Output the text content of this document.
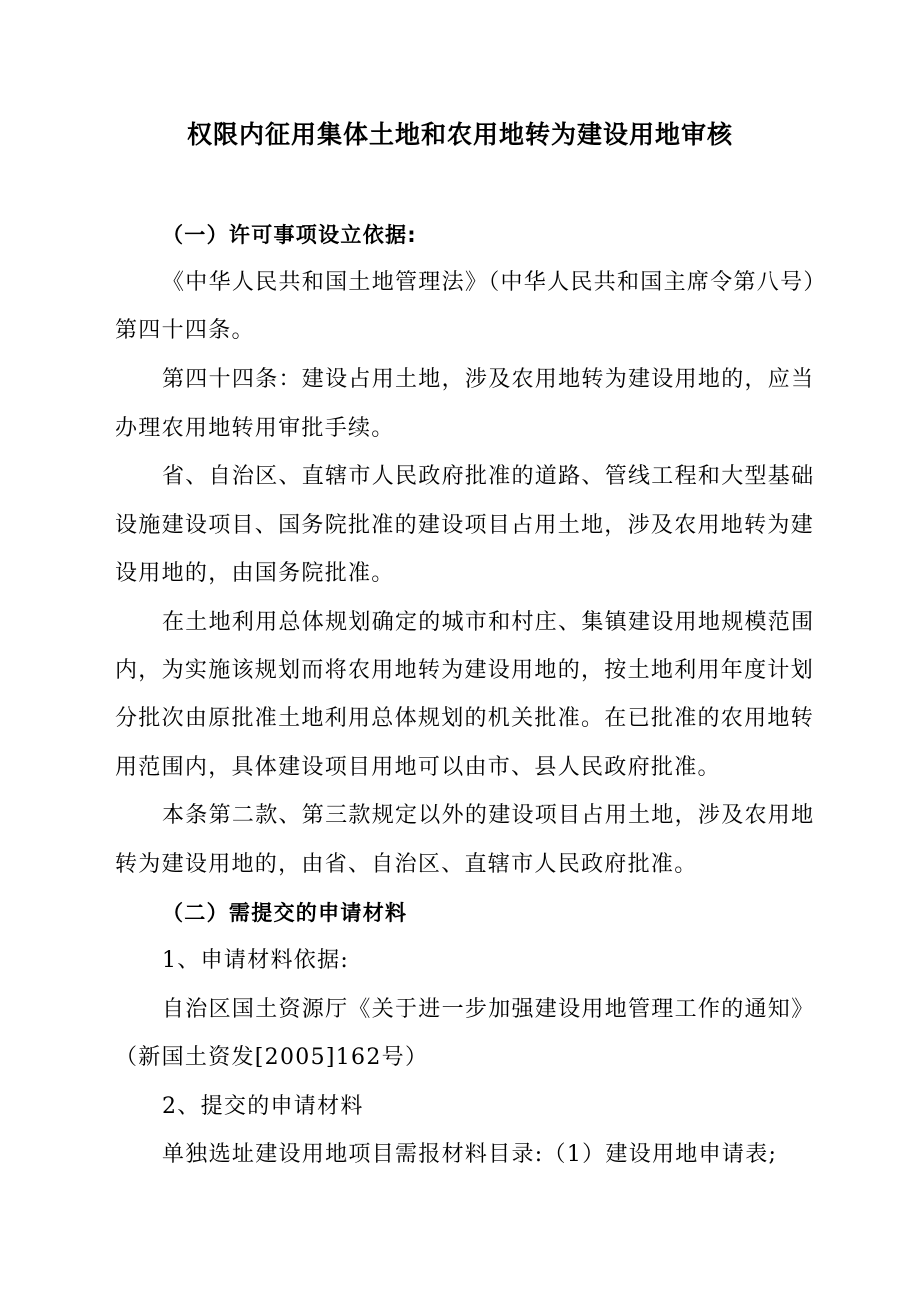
权限内征用集体土地和农用地转为建设用地审核
（一）许可事项设立依据:
《中华人民共和国土地管理法》（中华人民共和国主席令第八号）
第四十四条。
第四十四条：建设占用土地，涉及农用地转为建设用地的，应当
办理农用地转用审批手续。
省、自治区、直辖市人民政府批准的道路、管线工程和大型基础
设施建设项目、国务院批准的建设项目占用土地，涉及农用地转为建
设用地的，由国务院批准。
在土地利用总体规划确定的城市和村庄、集镇建设用地规模范围
内，为实施该规划而将农用地转为建设用地的，按土地利用年度计划
分批次由原批准土地利用总体规划的机关批准。在已批准的农用地转
用范围内，具体建设项目用地可以由市、县人民政府批准。
本条第二款、第三款规定以外的建设项目占用土地，涉及农用地
转为建设用地的，由省、自治区、直辖市人民政府批准。
（二）需提交的申请材料
1、申请材料依据:
自治区国土资源厅《关于进一步加强建设用地管理工作的通知》
（新国土资发[2005]162号）
2、提交的申请材料
单独选址建设用地项目需报材料目录:（1）建设用地申请表;
